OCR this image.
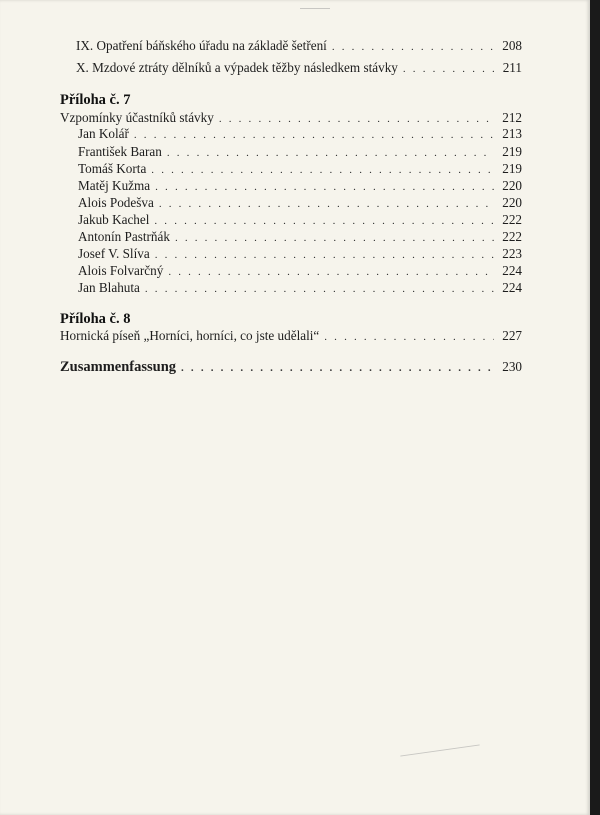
IX. Opatření báňského úřadu na základě šetření . . .	208
X. Mzdové ztráty dělníků a výpadek těžby následkem stávky . . .	211
Příloha č. 7
Vzpomínky účastníků stávky . . .	212
Jan Kolář . . .	213
František Baran . . .	219
Tomáš Korta . . .	219
Matěj Kužma . . .	220
Alois Podešva . . .	220
Jakub Kachel . . .	222
Antonín Pastrňák . . .	222
Josef V. Slíva . . .	223
Alois Folvarčný . . .	224
Jan Blahuta . . .	224
Příloha č. 8
Hornická píseň „Horníci, horníci, co jste udělali“ . . .	227
Zusammenfassung . . .	230
